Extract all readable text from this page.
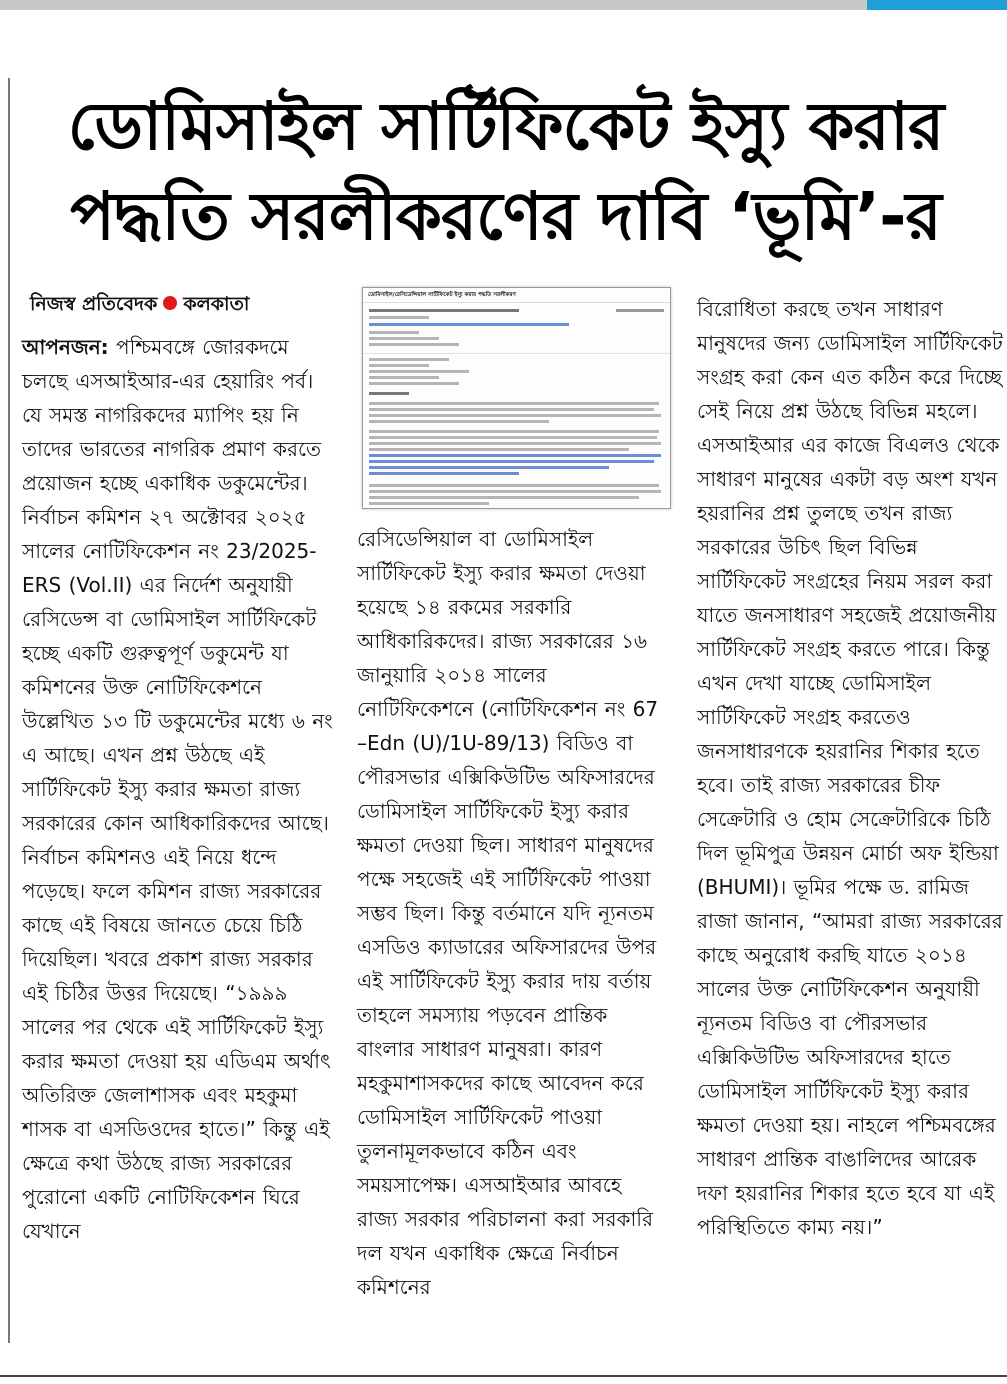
ডোমিসাইল সার্টিফিকেট ইস্যু করার
পদ্ধতি সরলীকরণের দাবি ‘ভূমি’-র
নিজস্ব প্রতিবেদক কলকাতা

আপনজন: পশ্চিমবঙ্গে জোরকদমে চলছে এসআইআর-এর হেয়ারিং পর্ব। যে সমস্ত নাগরিকদের ম্যাপিং হয় নি তাদের ভারতের নাগরিক প্রমাণ করতে প্রয়োজন হচ্ছে একাধিক ডকুমেন্টের। নির্বাচন কমিশন ২৭ অক্টোবর ২০২৫ সালের নোটিফিকেশন নং 23/2025-ERS (Vol.II) এর নির্দেশ অনুযায়ী রেসিডেন্স বা ডোমিসাইল সার্টিফিকেট হচ্ছে একটি গুরুত্বপূর্ণ ডকুমেন্ট যা কমিশনের উক্ত নোটিফিকেশনে উল্লেখিত ১৩ টি ডকুমেন্টের মধ্যে ৬ নং এ আছে। এখন প্রশ্ন উঠছে এই সার্টিফিকেট ইস্যু করার ক্ষমতা রাজ্য সরকারের কোন আধিকারিকদের আছে। নির্বাচন কমিশনও এই নিয়ে ধন্দে পড়েছে। ফলে কমিশন রাজ্য সরকারের কাছে এই বিষয়ে জানতে চেয়ে চিঠি দিয়েছিল। খবরে প্রকাশ রাজ্য সরকার এই চিঠির উত্তর দিয়েছে। “১৯৯৯ সালের পর থেকে এই সার্টিফিকেট ইস্যু করার ক্ষমতা দেওয়া হয় এডিএম অর্থাৎ অতিরিক্ত জেলাশাসক এবং মহকুমা শাসক বা এসডিওদের হাতে।” কিন্তু এই ক্ষেত্রে কথা উঠছে রাজ্য সরকারের পুরোনো একটি নোটিফিকেশন ঘিরে যেখানে

ডোমিসাইল/রেসিডেন্সিয়াল সার্টিফিকেট ইস্যু করার পদ্ধতি সরলীকরণ

রেসিডেন্সিয়াল বা ডোমিসাইল সার্টিফিকেট ইস্যু করার ক্ষমতা দেওয়া হয়েছে ১৪ রকমের সরকারি আধিকারিকদের। রাজ্য সরকারের ১৬ জানুয়ারি ২০১৪ সালের নোটিফিকেশনে (নোটিফিকেশন নং 67 –Edn (U)/1U-89/13) বিডিও বা পৌরসভার এক্সিকিউটিভ অফিসারদের ডোমিসাইল সার্টিফিকেট ইস্যু করার ক্ষমতা দেওয়া ছিল। সাধারণ মানুষদের পক্ষে সহজেই এই সার্টিফিকেট পাওয়া সম্ভব ছিল। কিন্তু বর্তমানে যদি ন্যূনতম এসডিও ক্যাডারের অফিসারদের উপর এই সার্টিফিকেট ইস্যু করার দায় বর্তায় তাহলে সমস্যায় পড়বেন প্রান্তিক বাংলার সাধারণ মানুষরা। কারণ মহকুমাশাসকদের কাছে আবেদন করে ডোমিসাইল সার্টিফিকেট পাওয়া তুলনামূলকভাবে কঠিন এবং সময়সাপেক্ষ। এসআইআর আবহে রাজ্য সরকার পরিচালনা করা সরকারি দল যখন একাধিক ক্ষেত্রে নির্বাচন কমিশনের

বিরোধিতা করছে তখন সাধারণ মানুষদের জন্য ডোমিসাইল সার্টিফিকেট সংগ্রহ করা কেন এত কঠিন করে দিচ্ছে সেই নিয়ে প্রশ্ন উঠছে বিভিন্ন মহলে। এসআইআর এর কাজে বিএলও থেকে সাধারণ মানুষের একটা বড় অংশ যখন হয়রানির প্রশ্ন তুলছে তখন রাজ্য সরকারের উচিৎ ছিল বিভিন্ন সার্টিফিকেট সংগ্রহের নিয়ম সরল করা যাতে জনসাধারণ সহজেই প্রয়োজনীয় সার্টিফিকেট সংগ্রহ করতে পারে। কিন্তু এখন দেখা যাচ্ছে ডোমিসাইল সার্টিফিকেট সংগ্রহ করতেও জনসাধারণকে হয়রানির শিকার হতে হবে। তাই রাজ্য সরকারের চীফ সেক্রেটারি ও হোম সেক্রেটারিকে চিঠি দিল ভূমিপুত্র উন্নয়ন মোর্চা অফ ইন্ডিয়া (BHUMI)। ভূমির পক্ষে ড. রামিজ রাজা জানান, “আমরা রাজ্য সরকারের কাছে অনুরোধ করছি যাতে ২০১৪ সালের উক্ত নোটিফিকেশন অনুযায়ী ন্যূনতম বিডিও বা পৌরসভার এক্সিকিউটিভ অফিসারদের হাতে ডোমিসাইল সার্টিফিকেট ইস্যু করার ক্ষমতা দেওয়া হয়। নাহলে পশ্চিমবঙ্গের সাধারণ প্রান্তিক বাঙালিদের আরেক দফা হয়রানির শিকার হতে হবে যা এই পরিস্থিতিতে কাম্য নয়।”
